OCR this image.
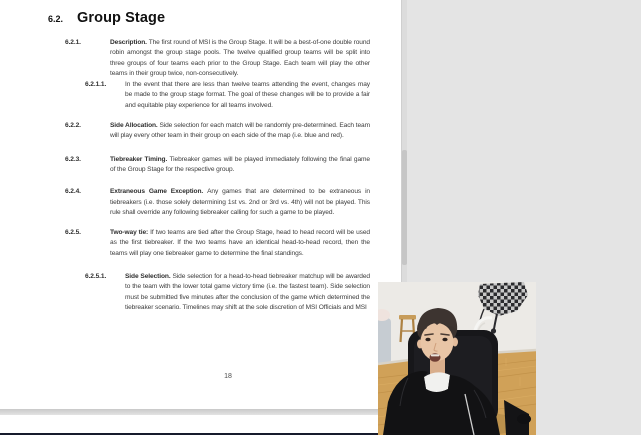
6.2. Group Stage
6.2.1.	Description. The first round of MSI is the Group Stage. It will be a best-of-one double round robin amongst the group stage pools. The twelve qualified group teams will be split into three groups of four teams each prior to the Group Stage. Each team will play the other teams in their group twice, non-consecutively.

6.2.1.1.	In the event that there are less than twelve teams attending the event, changes may be made to the group stage format. The goal of these changes will be to provide a fair and equitable play experience for all teams involved.

6.2.2.	Side Allocation. Side selection for each match will be randomly pre-determined. Each team will play every other team in their group on each side of the map (i.e. blue and red).

6.2.3.	Tiebreaker Timing. Tiebreaker games will be played immediately following the final game of the Group Stage for the respective group.

6.2.4.	Extraneous Game Exception. Any games that are determined to be extraneous in tiebreakers (i.e. those solely determining 1st vs. 2nd or 3rd vs. 4th) will not be played. This rule shall override any following tiebreaker calling for such a game to be played.

6.2.5.	Two-way tie: If two teams are tied after the Group Stage, head to head record will be used as the first tiebreaker. If the two teams have an identical head-to-head record, then the teams will play one tiebreaker game to determine the final standings.

6.2.5.1.	Side Selection. Side selection for a head-to-head tiebreaker matchup will be awarded to the team with the lower total game victory time (i.e. the fastest team). Side selection must be submitted five minutes after the conclusion of the game which determined the tiebreaker scenario. Timelines may shift at the sole discretion of MSI Officials and MSI

18
